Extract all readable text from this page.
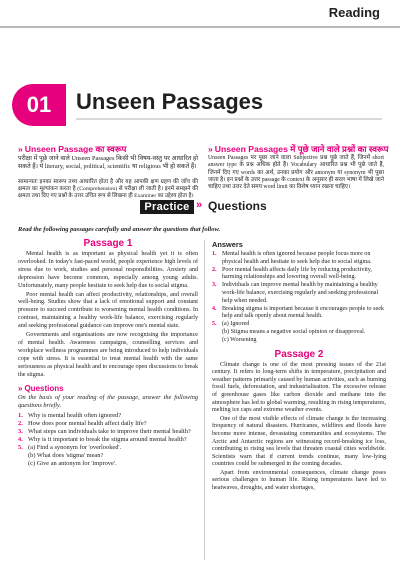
Reading
01	Unseen Passages
» Unseen Passage का स्वरूप
परीक्षा में पूछे जाने वाले Unseen Passages किसी भी विषय-वस्तु पर आधारित हो सकते हैं। ये literary, social, political, scientific या religious भी हो सकते हैं।
सामान्यतः इनका स्वरूप तथ्य आधारित होता है और यह आपकी क्षण ग्रहण की जाँच की क्षमता का मूल्यांकन करता है (Comprehension) से परीक्षा ली जाती है। इनमें समझने की क्षमता तथा दिए गए प्रश्नों के उत्तर उचित रूप से लिखना ही Examiner का उद्देश्य होता है।
» Unseen Passages में पूछे जाने वाले प्रश्नों का स्वरूप
Unseen Passages पर पूछा जाने वाला Subjective प्रश्न पूछे जाते हैं, जिनमें short answer type के प्रश्न अधिक होते हैं। Vocabulary आधारित प्रश्न भी पूछे जाते हैं, जिनमें दिए गए words का अर्थ, उनका प्रयोग और antonym या synonym भी पूछा जाता है। इन प्रश्नों के उत्तर passage के context के अनुसार ही सरल भाषा में लिखे जाने चाहिए तथा उत्तर देते समय word limit का विशेष ध्यान रखना चाहिए।
Practice » Questions
Read the following passages carefully and answer the questions that follow.
Passage 1
Mental health is as important as physical health yet it is often overlooked. In today's fast-paced world, people experience high levels of stress due to work, studies and personal responsibilities. Anxiety and depression have become common, especially among young adults. Unfortunately, many people hesitate to seek help due to social stigma.
Poor mental health can affect productivity, relationships, and overall well-being. Studies show that a lack of emotional support and constant pressure to succeed contribute to worsening mental health conditions. In contrast, maintaining a healthy work-life balance, exercising regularly and seeking professional guidance can improve one's mental state.
Governments and organisations are now recognising the importance of mental health. Awareness campaigns, counselling services and workplace wellness programmes are being introduced to help individuals cope with stress. It is essential to treat mental health with the same seriousness as physical health and to encourage open discussions to break the stigma.
» Questions
On the basis of your reading of the passage, answer the following questions briefly.
1. Why is mental health often ignored?
2. How does poor mental health affect daily life?
3. What steps can individuals take to improve their mental health?
4. Why is it important to break the stigma around mental health?
5. (a) Find a synonym for 'overlooked'.
(b) What does 'stigma' mean?
(c) Give an antonym for 'improve'.
Answers
1. Mental health is often ignored because people focus more on physical health and hesitate to seek help due to social stigma.
2. Poor mental health affects daily life by reducing productivity, harming relationships and lowering overall well-being.
3. Individuals can improve mental health by maintaining a healthy work-life balance, exercising regularly and seeking professional help when needed.
4. Breaking stigma is important because it encourages people to seek help and talk openly about mental health.
5. (a) Ignored
(b) Stigma means a negative social opinion or disapproval.
(c) Worsening
Passage 2
Climate change is one of the most pressing issues of the 21st century. It refers to long-term shifts in temperature, precipitation and weather patterns primarily caused by human activities, such as burning fossil fuels, deforestation, and industrialisation. The excessive release of greenhouse gases like carbon dioxide and methane into the atmosphere has led to global warming, resulting in rising temperatures, melting ice caps and extreme weather events.
One of the most visible effects of climate change is the increasing frequency of natural disasters. Hurricanes, wildfires and floods have become more intense, devastating communities and ecosystems. The Arctic and Antarctic regions are witnessing record-breaking ice loss, contributing to rising sea levels that threaten coastal cities worldwide. Scientists warn that if current trends continue, many low-lying countries could be submerged in the coming decades.
Apart from environmental consequences, climate change poses serious challenges to human life. Rising temperatures have led to heatwaves, droughts, and water shortages,
